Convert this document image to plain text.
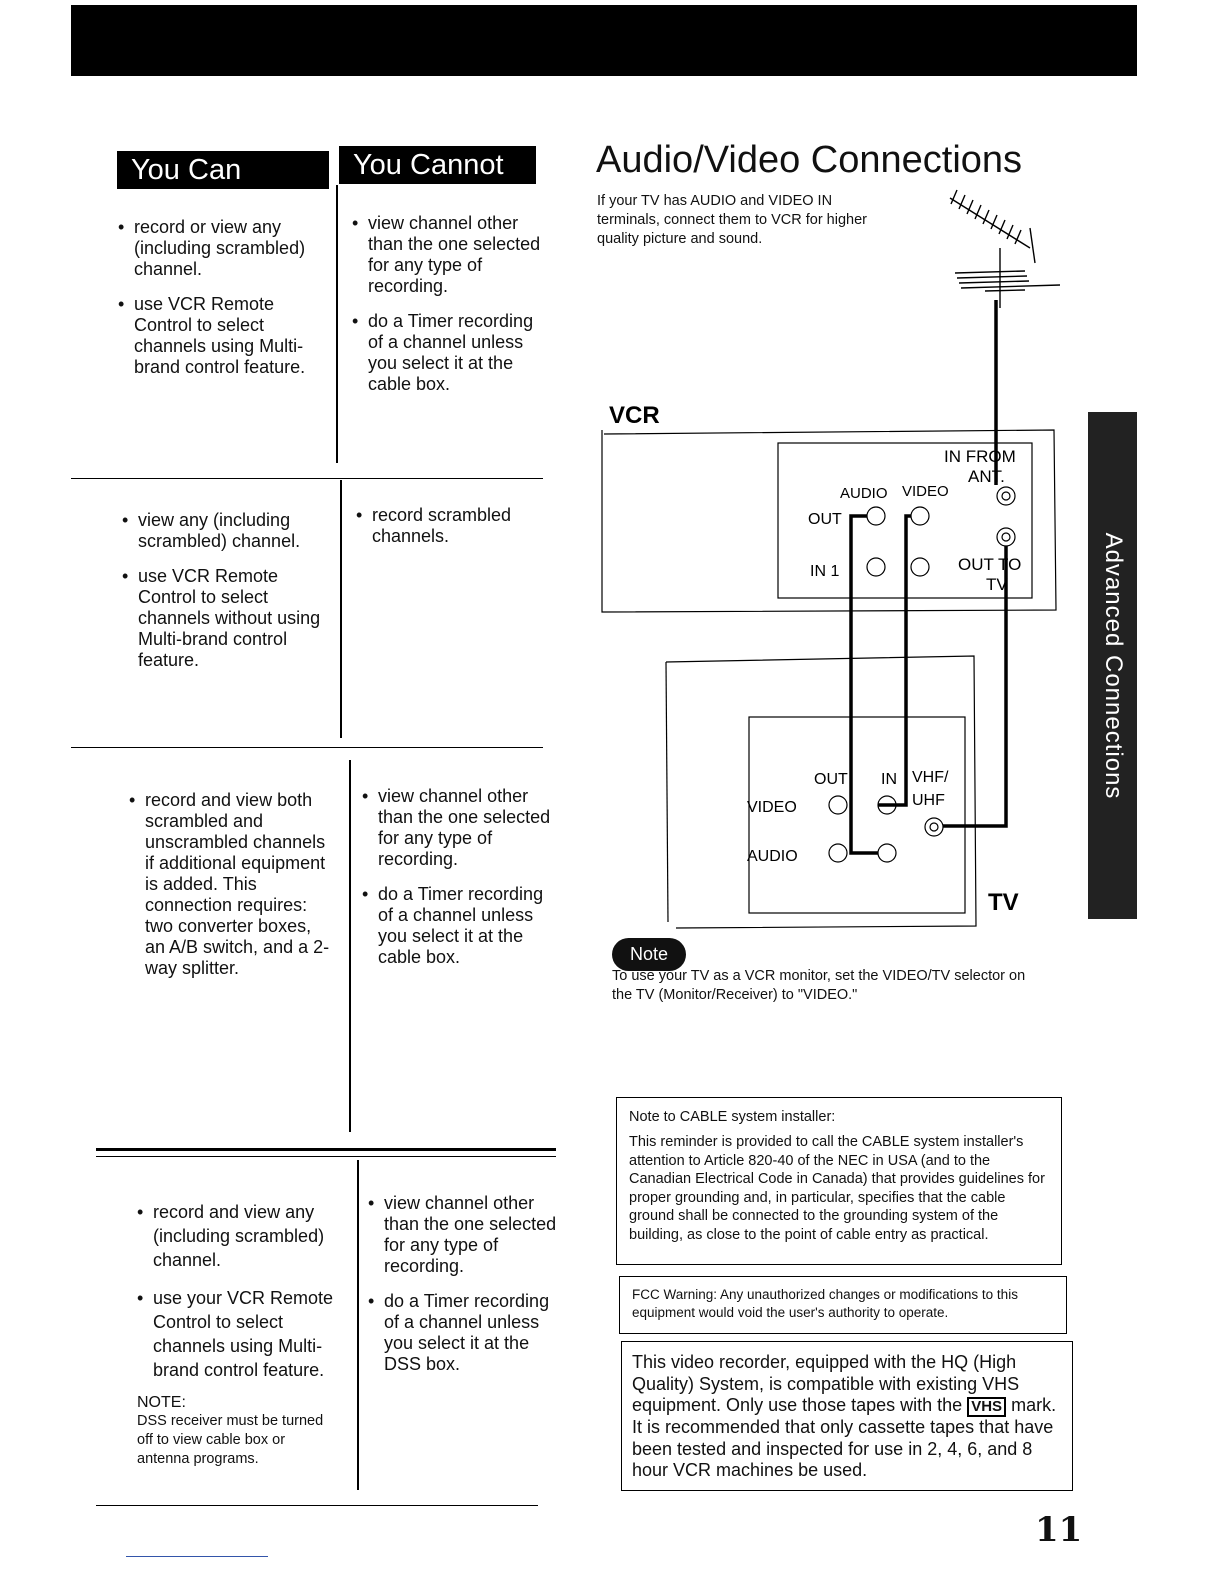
You Can	You Cannot

• record or view any (including scrambled) channel.

• use VCR Remote Control to select channels using Multi-brand control feature.

• view channel other than the one selected for any type of recording.

• do a Timer recording of a channel unless you select it at the cable box.

• view any (including scrambled) channel.

• use VCR Remote Control to select channels without using Multi-brand control feature.

• record scrambled channels.

• record and view both scrambled and unscrambled channels if additional equipment is added. This connection requires: two converter boxes, an A/B switch, and a 2-way splitter.

• view channel other than the one selected for any type of recording.

• do a Timer recording of a channel unless you select it at the cable box.

• record and view any (including scrambled) channel.

• use your VCR Remote Control to select channels using Multi-brand control feature.

NOTE:
DSS receiver must be turned off to view cable box or antenna programs.

• view channel other than the one selected for any type of recording.

• do a Timer recording of a channel unless you select it at the DSS box.

Audio/Video Connections
If your TV has AUDIO and VIDEO IN terminals, connect them to VCR for higher quality picture and sound.
VCR
TV
IN FROM
ANT.
AUDIO VIDEO
OUT
IN 1	OUT TO
TV
OUT IN VHF/
UHF
VIDEO
AUDIO
Note
To use your TV as a VCR monitor, set the VIDEO/TV selector on the TV (Monitor/Receiver) to "VIDEO."
Advanced Connections
Note to CABLE system installer:
This reminder is provided to call the CABLE system installer's attention to Article 820-40 of the NEC in USA (and to the Canadian Electrical Code in Canada) that provides guidelines for proper grounding and, in particular, specifies that the cable ground shall be connected to the grounding system of the building, as close to the point of cable entry as practical.
FCC Warning: Any unauthorized changes or modifications to this equipment would void the user's authority to operate.
This video recorder, equipped with the HQ (High Quality) System, is compatible with existing VHS equipment. Only use those tapes with the VHS mark. It is recommended that only cassette tapes that have been tested and inspected for use in 2, 4, 6, and 8 hour VCR machines be used.
11
